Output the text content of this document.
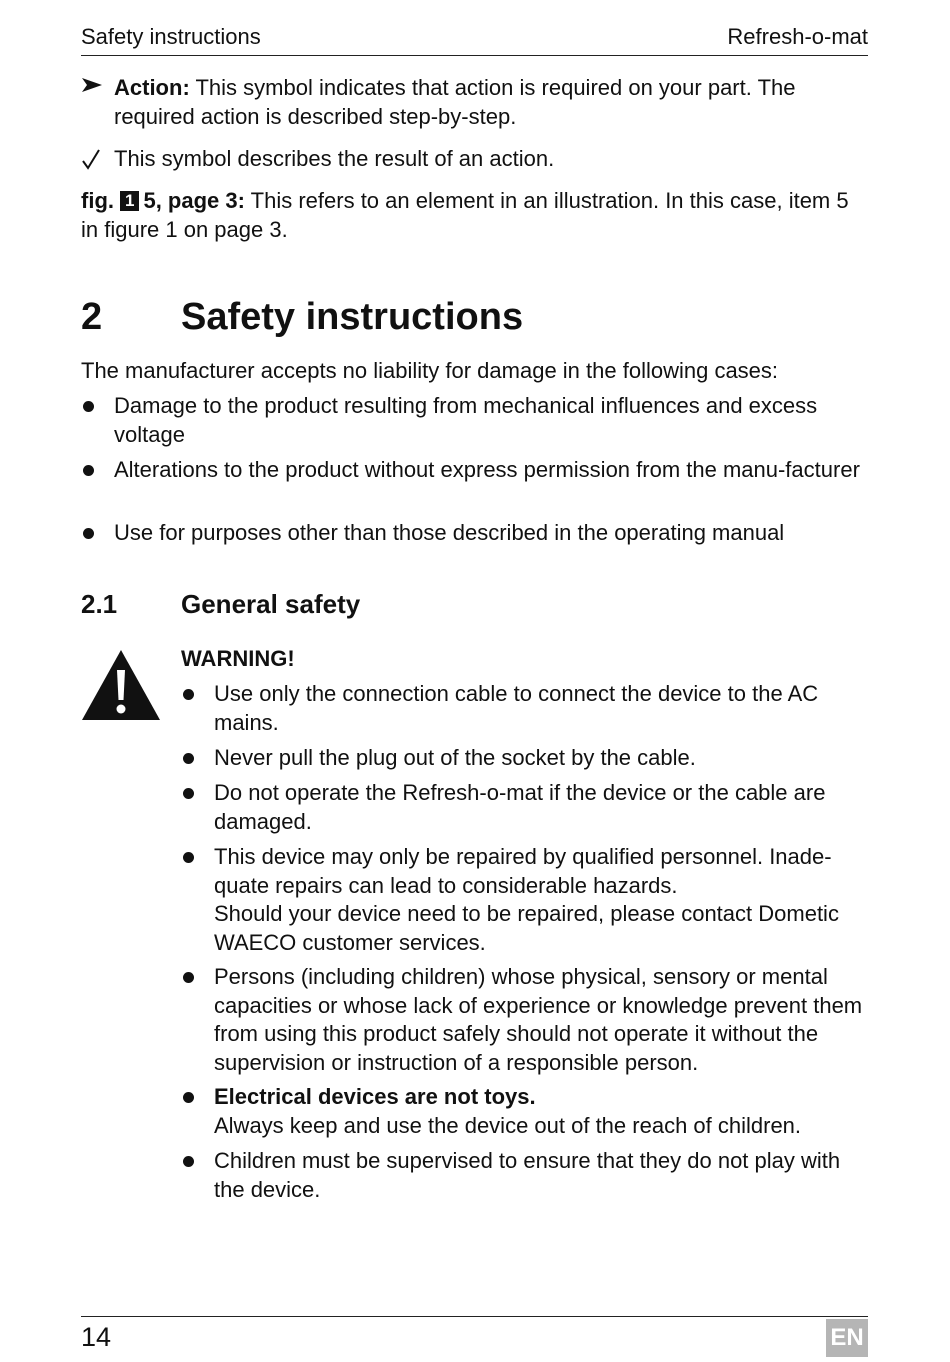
Safety instructions	Refresh-o-mat
Action: This symbol indicates that action is required on your part. The required action is described step-by-step.
This symbol describes the result of an action.
fig. 1 5, page 3: This refers to an element in an illustration. In this case, item 5 in figure 1 on page 3.
2 Safety instructions
The manufacturer accepts no liability for damage in the following cases:
Damage to the product resulting from mechanical influences and excess voltage
Alterations to the product without express permission from the manu-facturer
Use for purposes other than those described in the operating manual
2.1 General safety
WARNING!
Use only the connection cable to connect the device to the AC mains.
Never pull the plug out of the socket by the cable.
Do not operate the Refresh-o-mat if the device or the cable are damaged.
This device may only be repaired by qualified personnel. Inade-quate repairs can lead to considerable hazards.
Should your device need to be repaired, please contact Dometic WAECO customer services.
Persons (including children) whose physical, sensory or mental capacities or whose lack of experience or knowledge prevent them from using this product safely should not operate it without the supervision or instruction of a responsible person.
Electrical devices are not toys.
Always keep and use the device out of the reach of children.
Children must be supervised to ensure that they do not play with the device.
14	EN
